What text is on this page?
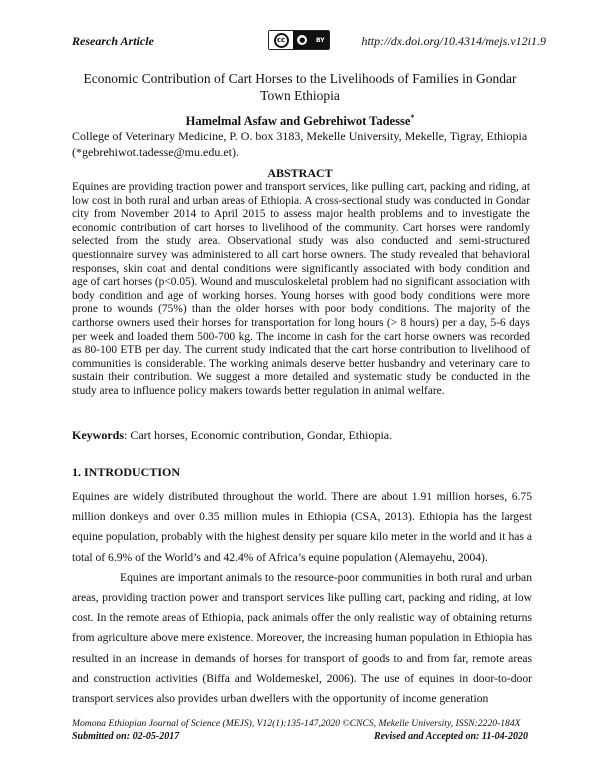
Research Article	cc	●	BY	http://dx.doi.org/10.4314/mejs.v12i1.9
Economic Contribution of Cart Horses to the Livelihoods of Families in Gondar Town Ethiopia
Hamelmal Asfaw and Gebrehiwot Tadesse*
College of Veterinary Medicine, P. O. box 3183, Mekelle University, Mekelle, Tigray, Ethiopia (*gebrehiwot.tadesse@mu.edu.et).
ABSTRACT
Equines are providing traction power and transport services, like pulling cart, packing and riding, at low cost in both rural and urban areas of Ethiopia. A cross-sectional study was conducted in Gondar city from November 2014 to April 2015 to assess major health problems and to investigate the economic contribution of cart horses to livelihood of the community. Cart horses were randomly selected from the study area. Observational study was also conducted and semi-structured questionnaire survey was administered to all cart horse owners. The study revealed that behavioral responses, skin coat and dental conditions were significantly associated with body condition and age of cart horses (p<0.05). Wound and musculoskeletal problem had no significant association with body condition and age of working horses. Young horses with good body conditions were more prone to wounds (75%) than the older horses with poor body conditions. The majority of the carthorse owners used their horses for transportation for long hours (> 8 hours) per a day, 5-6 days per week and loaded them 500-700 kg. The income in cash for the cart horse owners was recorded as 80-100 ETB per day. The current study indicated that the cart horse contribution to livelihood of communities is considerable. The working animals deserve better husbandry and veterinary care to sustain their contribution. We suggest a more detailed and systematic study be conducted in the study area to influence policy makers towards better regulation in animal welfare.
Keywords: Cart horses, Economic contribution, Gondar, Ethiopia.
1. INTRODUCTION

Equines are widely distributed throughout the world. There are about 1.91 million horses, 6.75 million donkeys and over 0.35 million mules in Ethiopia (CSA, 2013). Ethiopia has the largest equine population, probably with the highest density per square kilo meter in the world and it has a total of 6.9% of the World’s and 42.4% of Africa’s equine population (Alemayehu, 2004).

Equines are important animals to the resource-poor communities in both rural and urban areas, providing traction power and transport services like pulling cart, packing and riding, at low cost. In the remote areas of Ethiopia, pack animals offer the only realistic way of obtaining returns from agriculture above mere existence. Moreover, the increasing human population in Ethiopia has resulted in an increase in demands of horses for transport of goods to and from far, remote areas and construction activities (Biffa and Woldemeskel, 2006). The use of equines in door-to-door transport services also provides urban dwellers with the opportunity of income generation

Momona Ethiopian Journal of Science (MEJS), V12(1):135-147,2020 ©CNCS, Mekelle University, ISSN:2220-184X
Submitted on: 02-05-2017	Revised and Accepted on: 11-04-2020
